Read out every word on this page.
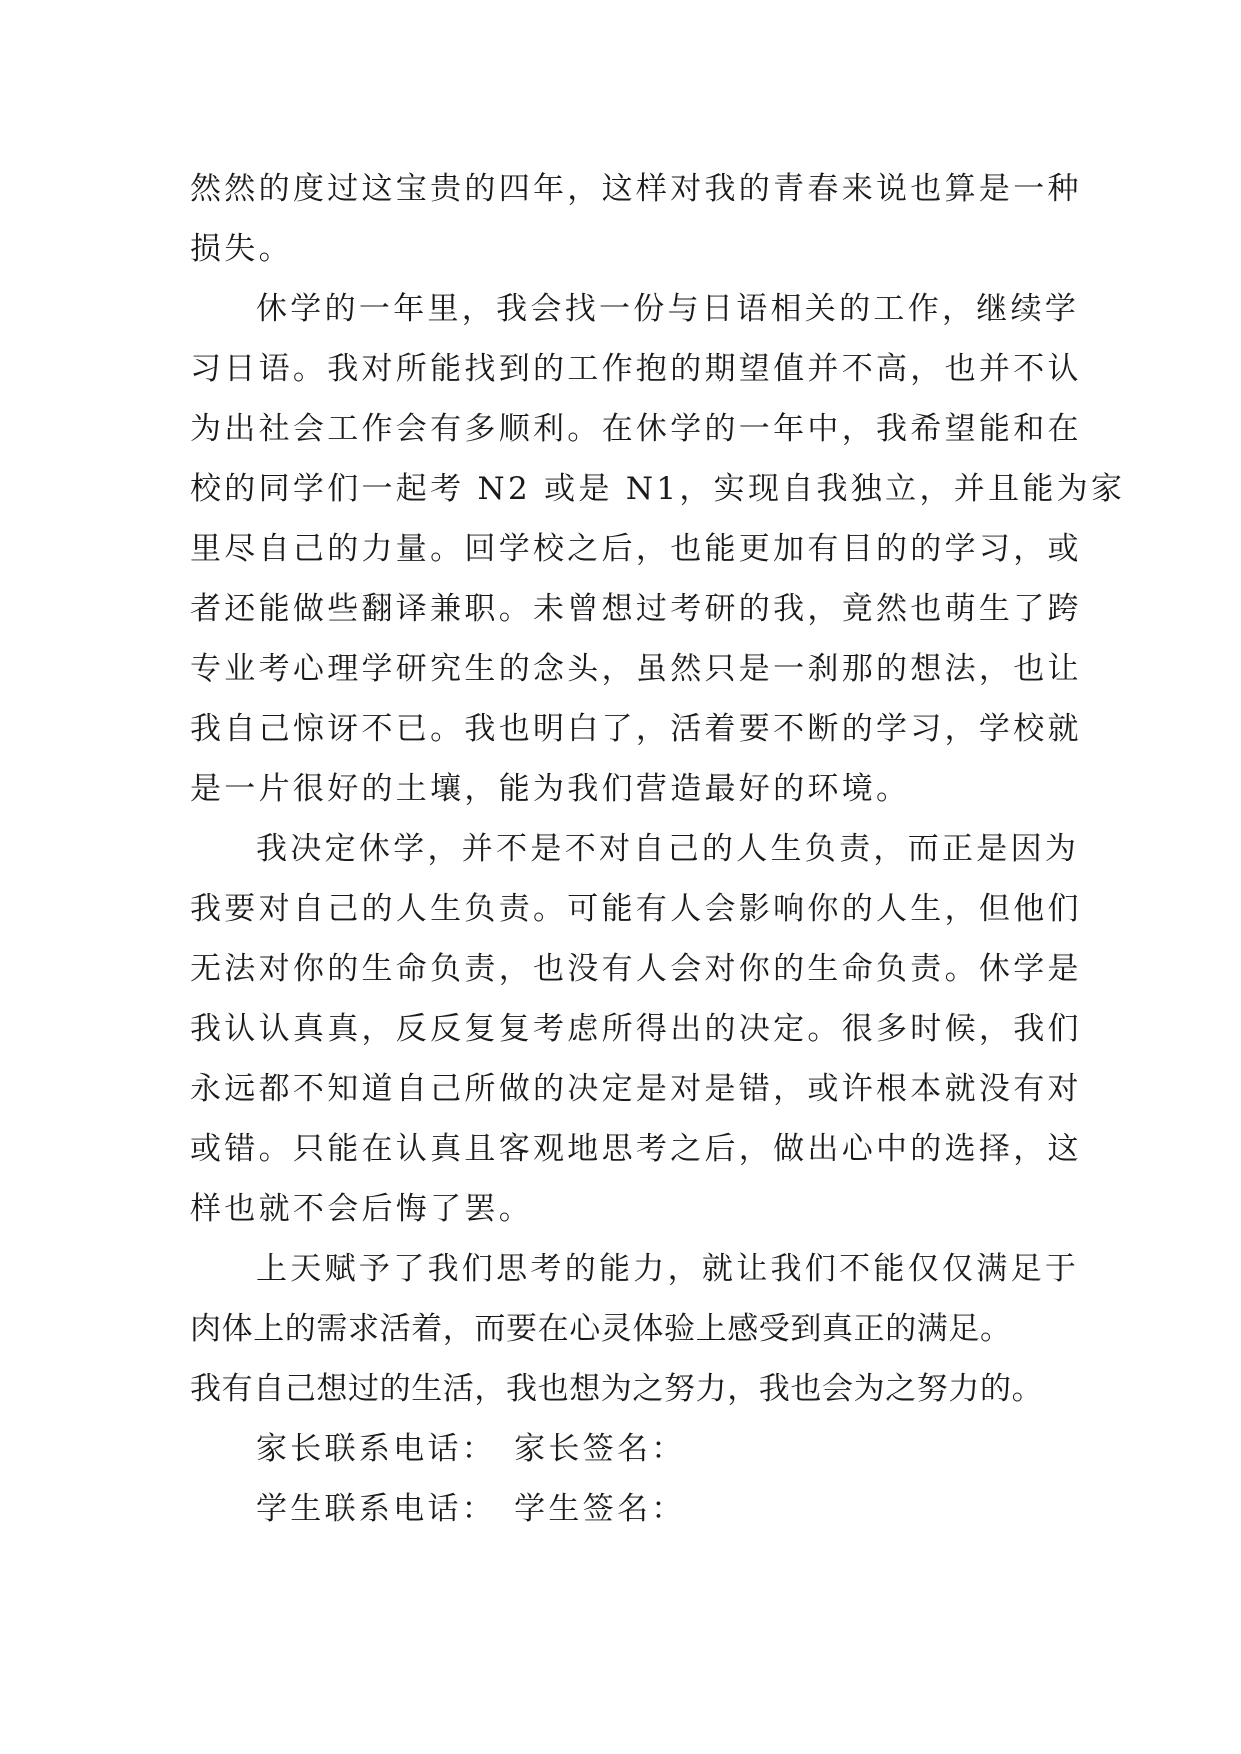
然然的度过这宝贵的四年，这样对我的青春来说也算是一种
损失。
休学的一年里，我会找一份与日语相关的工作，继续学
习日语。我对所能找到的工作抱的期望值并不高，也并不认
为出社会工作会有多顺利。在休学的一年中，我希望能和在
校的同学们一起考 N2 或是 N1，实现自我独立，并且能为家
里尽自己的力量。回学校之后，也能更加有目的的学习，或
者还能做些翻译兼职。未曾想过考研的我，竟然也萌生了跨
专业考心理学研究生的念头，虽然只是一刹那的想法，也让
我自己惊讶不已。我也明白了，活着要不断的学习，学校就
是一片很好的土壤，能为我们营造最好的环境。
我决定休学，并不是不对自己的人生负责，而正是因为
我要对自己的人生负责。可能有人会影响你的人生，但他们
无法对你的生命负责，也没有人会对你的生命负责。休学是
我认认真真，反反复复考虑所得出的决定。很多时候，我们
永远都不知道自己所做的决定是对是错，或许根本就没有对
或错。只能在认真且客观地思考之后，做出心中的选择，这
样也就不会后悔了罢。
上天赋予了我们思考的能力，就让我们不能仅仅满足于
肉体上的需求活着，而要在心灵体验上感受到真正的满足。
我有自己想过的生活，我也想为之努力，我也会为之努力的。
家长联系电话： 家长签名：
学生联系电话： 学生签名：
